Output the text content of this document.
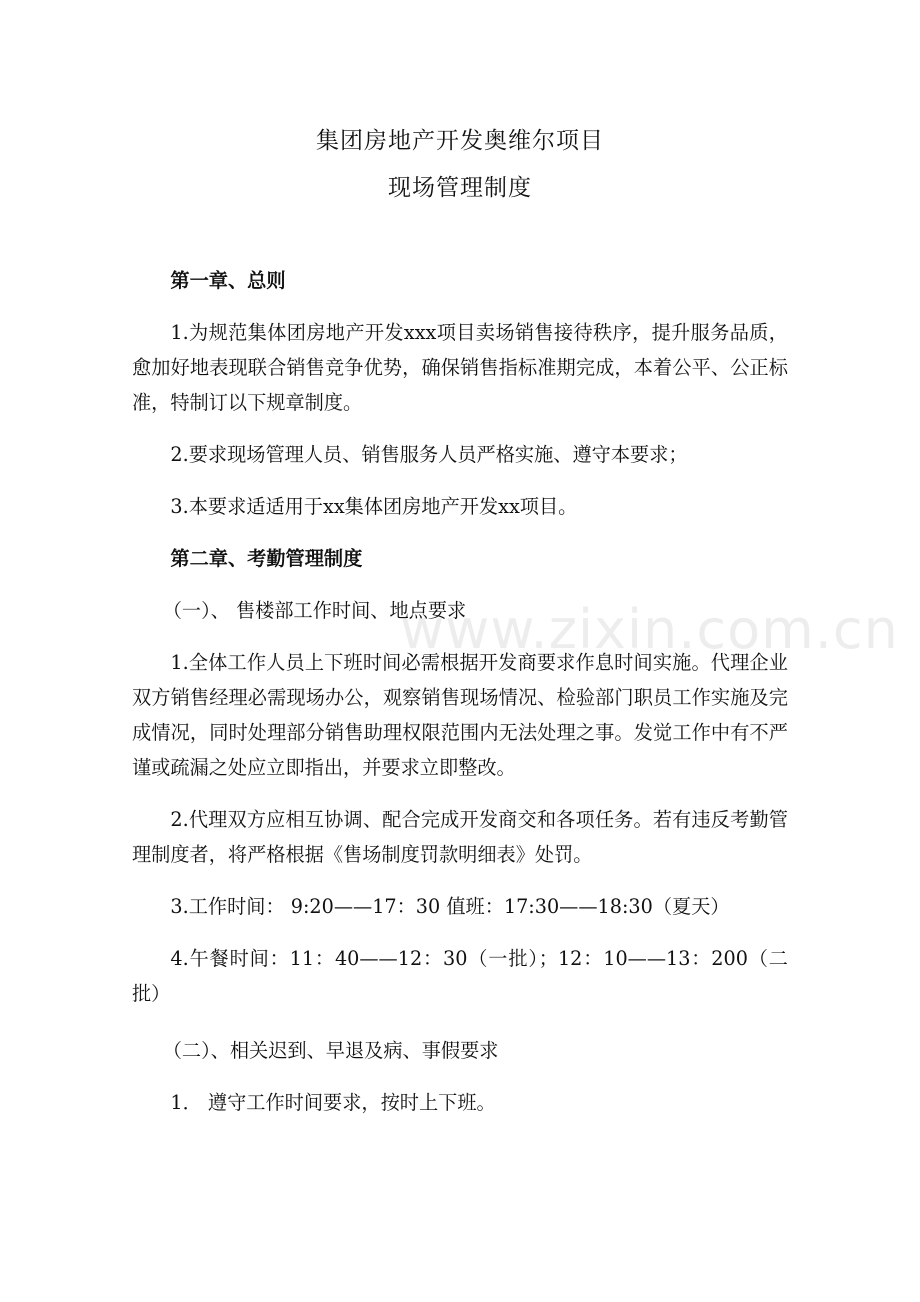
集团房地产开发奥维尔项目
现场管理制度
www.zixin.com.cn

第一章、总则

1.为规范集体团房地产开发xxx项目卖场销售接待秩序，提升服务品质，愈加好地表现联合销售竞争优势，确保销售指标准期完成，本着公平、公正标准，特制订以下规章制度。

2.要求现场管理人员、销售服务人员严格实施、遵守本要求；

3.本要求适适用于xx集体团房地产开发xx项目。

第二章、考勤管理制度

（一）、 售楼部工作时间、地点要求

1.全体工作人员上下班时间必需根据开发商要求作息时间实施。代理企业双方销售经理必需现场办公，观察销售现场情况、检验部门职员工作实施及完成情况，同时处理部分销售助理权限范围内无法处理之事。发觉工作中有不严谨或疏漏之处应立即指出，并要求立即整改。

2.代理双方应相互协调、配合完成开发商交和各项任务。若有违反考勤管理制度者，将严格根据《售场制度罚款明细表》处罚。

3.工作时间： 9:20——17：30 值班：17:30——18:30（夏天）

4.午餐时间：11：40——12：30（一批）；12：10——13：200（二批）

（二）、相关迟到、早退及病、事假要求

1． 遵守工作时间要求，按时上下班。
